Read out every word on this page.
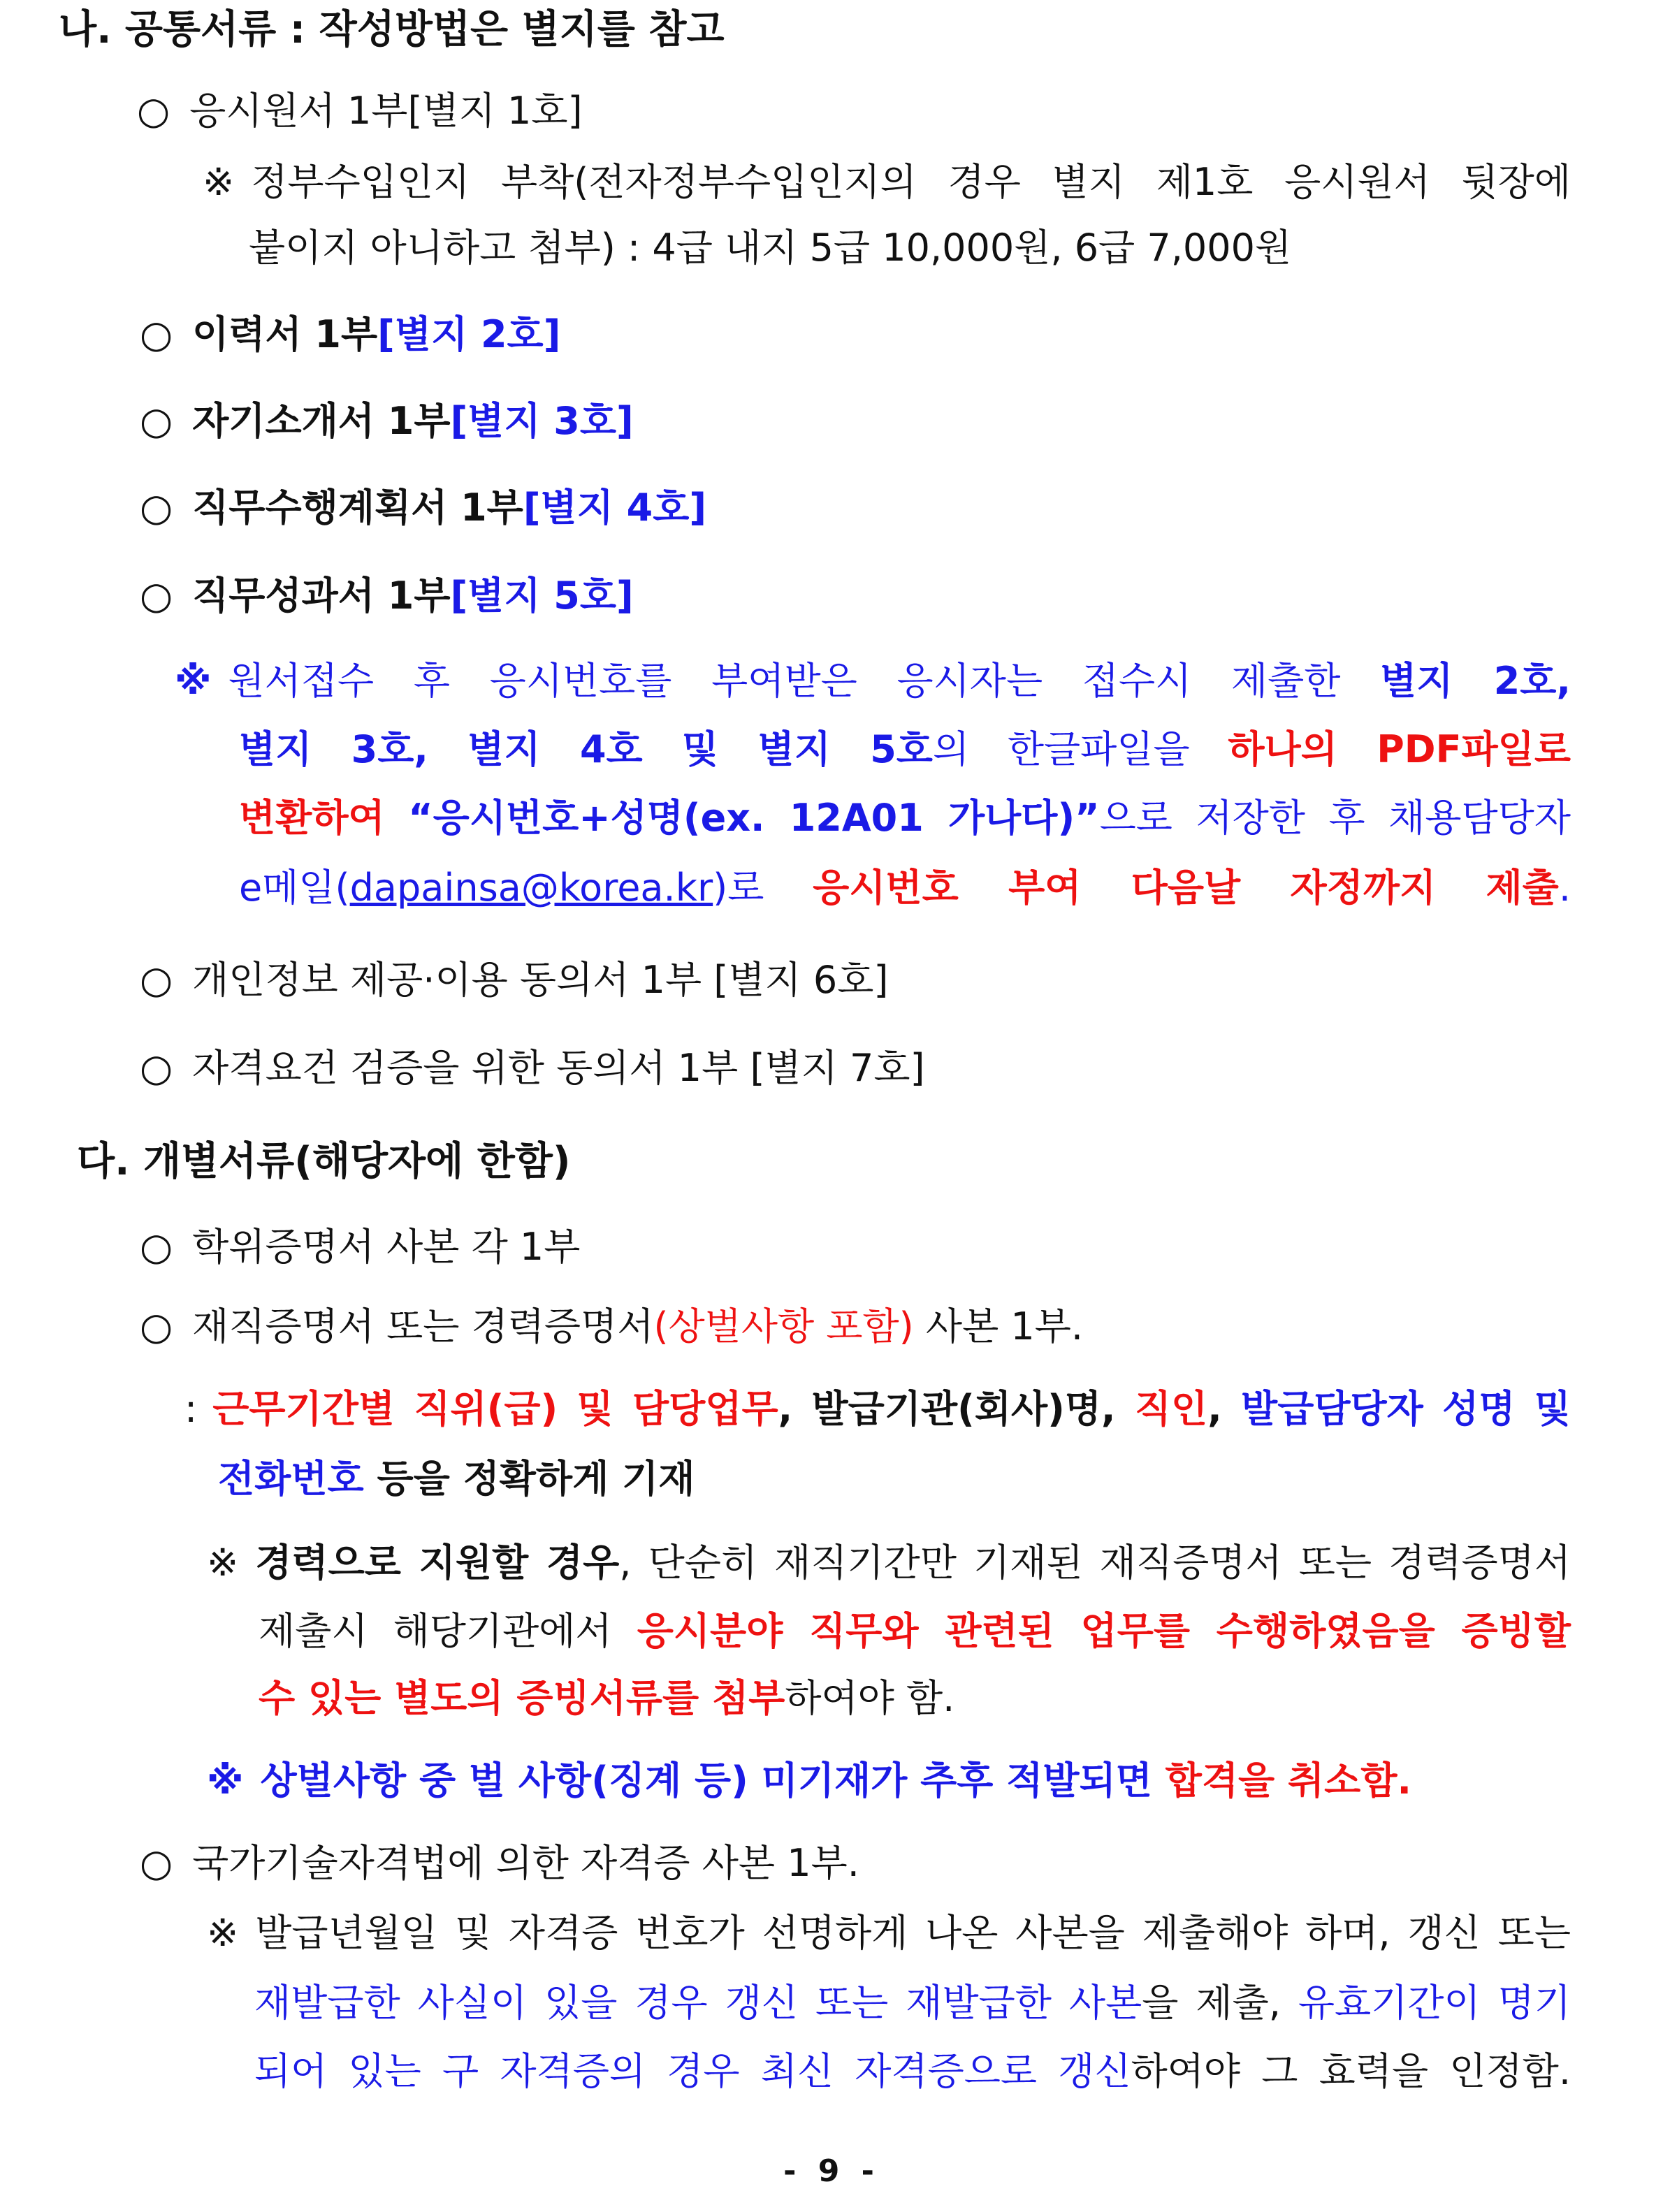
나. 공통서류 : 작성방법은 별지를 참고
○ 응시원서 1부[별지 1호]
※ 정부수입인지 부착(전자정부수입인지의 경우 별지 제1호 응시원서 뒷장에
붙이지 아니하고 첨부) : 4급 내지 5급 10,000원, 6급 7,000원
○ 이력서 1부[별지 2호]
○ 자기소개서 1부[별지 3호]
○ 직무수행계획서 1부[별지 4호]
○ 직무성과서 1부[별지 5호]
※ 원서접수 후 응시번호를 부여받은 응시자는 접수시 제출한 별지 2호,
별지 3호, 별지 4호 및 별지 5호의 한글파일을 하나의 PDF파일로
변환하여 “응시번호+성명(ex. 12A01 가나다)”으로 저장한 후 채용담당자
e메일(dapainsa@korea.kr)로 응시번호 부여 다음날 자정까지 제출.
○ 개인정보 제공·이용 동의서 1부 [별지 6호]
○ 자격요건 검증을 위한 동의서 1부 [별지 7호]
다. 개별서류(해당자에 한함)
○ 학위증명서 사본 각 1부
○ 재직증명서 또는 경력증명서(상벌사항 포함) 사본 1부.
: 근무기간별 직위(급) 및 담당업무, 발급기관(회사)명, 직인, 발급담당자 성명 및
전화번호 등을 정확하게 기재
※ 경력으로 지원할 경우, 단순히 재직기간만 기재된 재직증명서 또는 경력증명서
제출시 해당기관에서 응시분야 직무와 관련된 업무를 수행하였음을 증빙할
수 있는 별도의 증빙서류를 첨부하여야 함.
※ 상벌사항 중 벌 사항(징계 등) 미기재가 추후 적발되면 합격을 취소함.
○ 국가기술자격법에 의한 자격증 사본 1부.
※ 발급년월일 및 자격증 번호가 선명하게 나온 사본을 제출해야 하며, 갱신 또는
재발급한 사실이 있을 경우 갱신 또는 재발급한 사본을 제출, 유효기간이 명기
되어 있는 구 자격증의 경우 최신 자격증으로 갱신하여야 그 효력을 인정함.
- 9 -
